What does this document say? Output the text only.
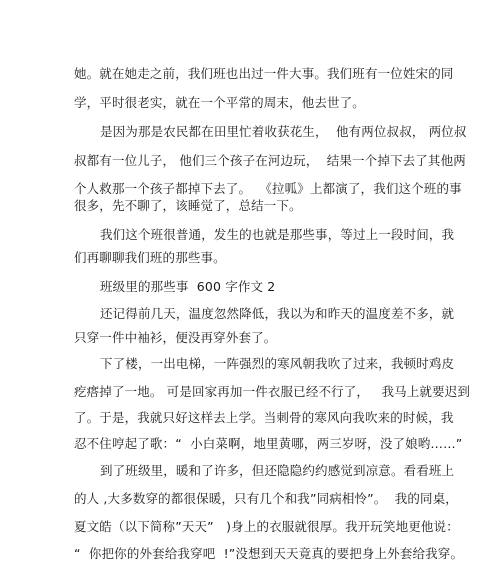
她。就在她走之前，我们班也出过一件大事。我们班有一位姓宋的同
学，平时很老实，就在一个平常的周末，他去世了。
是因为那是农民都在田里忙着收获花生，  他有两位叔叔， 两位叔
叔都有一位儿子， 他们三个孩子在河边玩，  结果一个掉下去了其他两
个人救那一个孩子都掉下去了。  《拉呱》上都演了，我们这个班的事
很多，先不聊了，该睡觉了，总结一下。
我们这个班很普通，发生的也就是那些事，等过上一段时间，我
们再聊聊我们班的那些事。
班级里的那些事  600 字作文 2
还记得前几天，温度忽然降低，我以为和昨天的温度差不多，就
只穿一件中袖衫，便没再穿外套了。
下了楼，一出电梯，一阵强烈的寒风朝我吹了过来，我顿时鸡皮
疙瘩掉了一地。 可是回家再加一件衣服已经不行了，   我马上就要迟到
了。于是，我就只好这样去上学。当刺骨的寒风向我吹来的时候，我
忍不住哼起了歌：“  小白菜啊，地里黄哪，两三岁呀，没了娘哟……”
到了班级里，暖和了许多，但还隐隐约约感觉到凉意。看看班上
的人 ,大多数穿的都很保暖，只有几个和我”同病相怜”。  我的同桌，
夏文皓（以下简称”天天”   )身上的衣服就很厚。我开玩笑地更他说：
“  你把你的外套给我穿吧  !”没想到天天竟真的要把身上外套给我穿。
